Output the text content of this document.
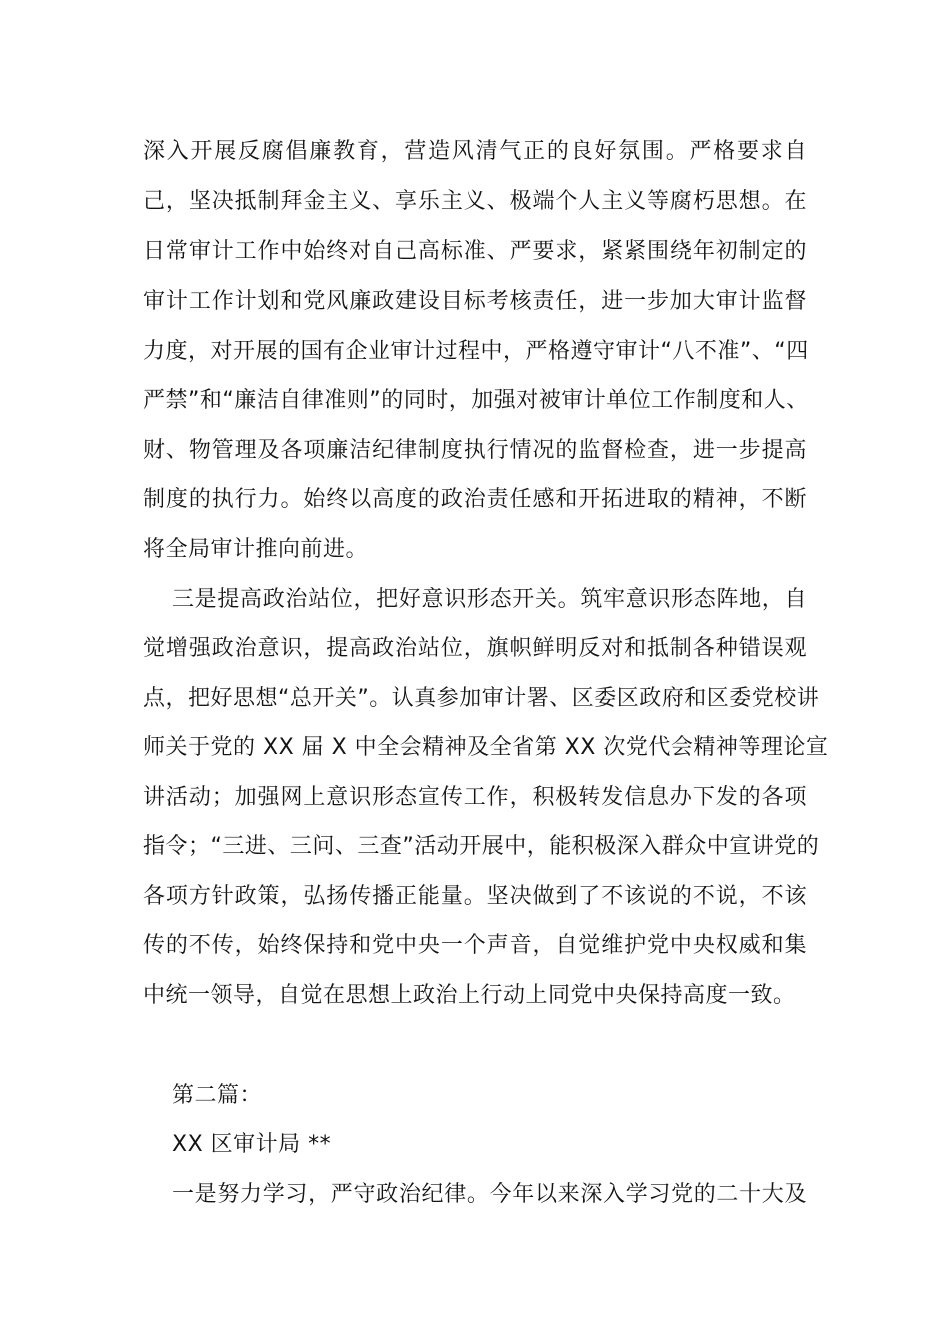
深入开展反腐倡廉教育，营造风清气正的良好氛围。严格要求自
己，坚决抵制拜金主义、享乐主义、极端个人主义等腐朽思想。在
日常审计工作中始终对自己高标准、严要求，紧紧围绕年初制定的
审计工作计划和党风廉政建设目标考核责任，进一步加大审计监督
力度，对开展的国有企业审计过程中，严格遵守审计“八不准”、“四
严禁”和“廉洁自律准则”的同时，加强对被审计单位工作制度和人、
财、物管理及各项廉洁纪律制度执行情况的监督检查，进一步提高
制度的执行力。始终以高度的政治责任感和开拓进取的精神，不断
将全局审计推向前进。
三是提高政治站位，把好意识形态开关。筑牢意识形态阵地，自
觉增强政治意识，提高政治站位，旗帜鲜明反对和抵制各种错误观
点，把好思想“总开关”。认真参加审计署、区委区政府和区委党校讲
师关于党的 XX 届 X 中全会精神及全省第 XX 次党代会精神等理论宣
讲活动；加强网上意识形态宣传工作，积极转发信息办下发的各项
指令；“三进、三问、三查”活动开展中，能积极深入群众中宣讲党的
各项方针政策，弘扬传播正能量。坚决做到了不该说的不说，不该
传的不传，始终保持和党中央一个声音，自觉维护党中央权威和集
中统一领导，自觉在思想上政治上行动上同党中央保持高度一致。
第二篇：
XX 区审计局 **
一是努力学习，严守政治纪律。今年以来深入学习党的二十大及
